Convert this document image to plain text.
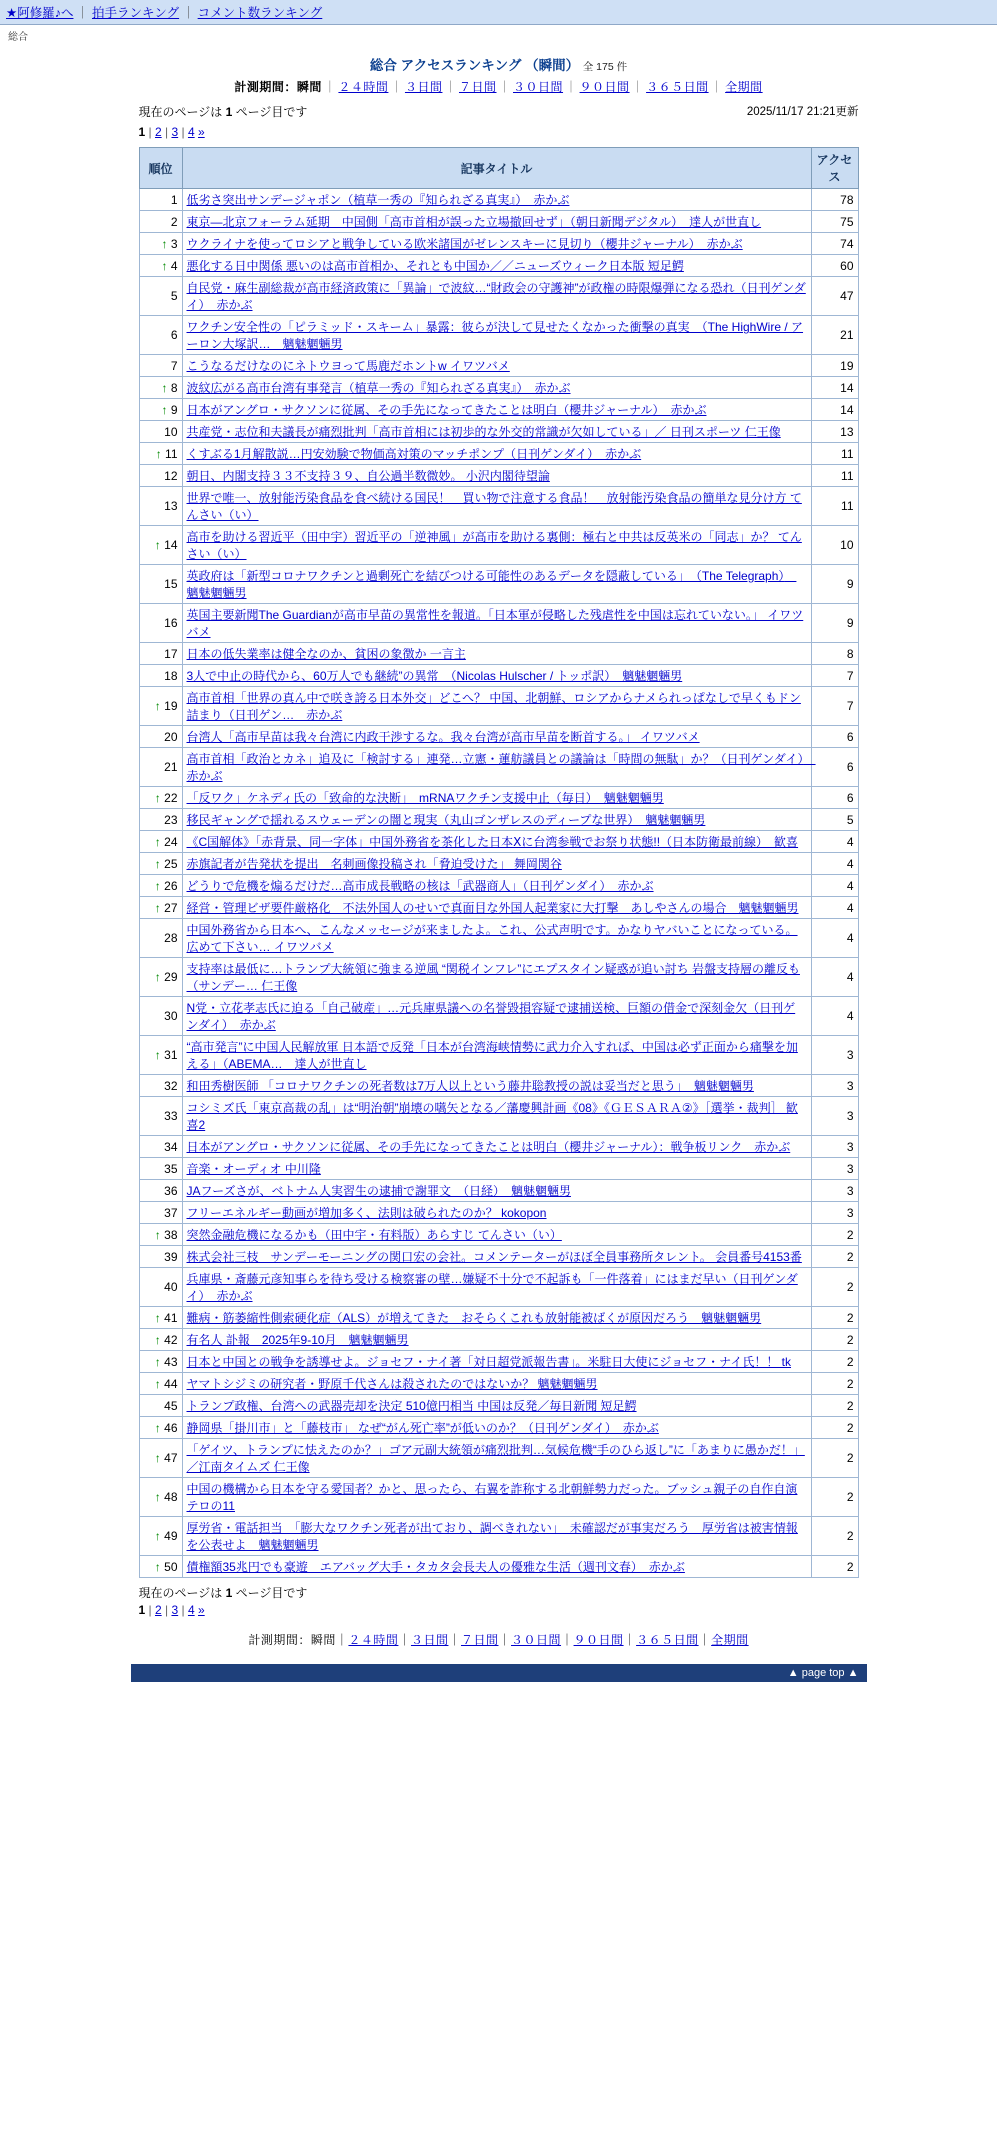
★阿修羅♪へ ｜ 拍手ランキング ｜ コメント数ランキング
総合
総合 アクセスランキング （瞬間） 全 175 件
計測期間：瞬間 ｜ ２４時間 ｜ ３日間 ｜ ７日間 ｜ ３０日間 ｜ ９０日間 ｜ ３６５日間 ｜ 全期間
現在のページは 1 ページ目です
1 | 2 | 3 | 4 »
2025/11/17 21:21更新
順位	記事タイトル	アクセス
1	低劣さ突出サンデージャポン（植草一秀の『知られざる真実』）　赤かぶ	78
2	東京―北京フォーラム延期　中国側「高市首相が誤った立場撤回せず」（朝日新聞デジタル）　達人が世直し	75
↑ 3	ウクライナを使ってロシアと戦争している欧米諸国がゼレンスキーに見切り（櫻井ジャーナル）　赤かぶ	74
↑ 4	悪化する日中関係 悪いのは高市首相か、それとも中国か／／ニューズウィーク日本版 短足鰐	60
5	自民党・麻生副総裁が高市経済政策に「異論」で波紋…“財政会の守護神”が政権の時限爆弾になる恐れ（日刊ゲンダイ）　赤かぶ	47
6	ワクチン安全性の「ピラミッド・スキーム」暴露：彼らが決して見せたくなかった衝撃の真実　（The HighWire / アーロン大塚訳…　魑魅魍魎男	21
7	こうなるだけなのにネトウヨって馬鹿だホントw イワツバメ	19
↑ 8	波紋広がる高市台湾有事発言（植草一秀の『知られざる真実』）　赤かぶ	14
↑ 9	日本がアングロ・サクソンに従属、その手先になってきたことは明白（櫻井ジャーナル）　赤かぶ	14
10	共産党・志位和夫議長が痛烈批判「高市首相には初歩的な外交的常識が欠如している」／ 日刊スポーツ 仁王像	13
↑ 11	くすぶる1月解散説…円安効験で物価高対策のマッチポンプ（日刊ゲンダイ）　赤かぶ	11
12	朝日、内閣支持３３不支持３９、自公過半数微妙。 小沢内閣待望論	11
13	世界で唯一、放射能汚染食品を食べ続ける国民！　買い物で注意する食品！　放射能汚染食品の簡単な見分け方 てんさい（い）	11
↑ 14	高市を助ける習近平（田中宇）習近平の「逆神風」が高市を助ける裏側：極右と中共は反英米の「同志」か？ てんさい（い）	10
15	英政府は「新型コロナワクチンと過剰死亡を結びつける可能性のあるデータを隠蔽している」　（The Telegraph）　魑魅魍魎男	9
16	英国主要新聞The Guardianが高市早苗の異常性を報道。「日本軍が侵略した残虐性を中国は忘れていない。」 イワツバメ	9
17	日本の低失業率は健全なのか、貧困の象徴か 一言主	8
18	3人で中止の時代から、60万人でも継続”の異常　（Nicolas Hulscher / トッポ訳）　魑魅魍魎男	7
↑ 19	高市首相「世界の真ん中で咲き誇る日本外交」どこへ？ 中国、北朝鮮、ロシアからナメられっぱなしで早くもドン詰まり（日刊ゲン…　赤かぶ	7
20	台湾人「高市早苗は我々台湾に内政干渉するな。我々台湾が高市早苗を断首する。」 イワツバメ	6
21	高市首相「政治とカネ」追及に「検討する」連発…立憲・蓮舫議員との議論は「時間の無駄」か？（日刊ゲンダイ）　赤かぶ	6
↑ 22	「反ワク」ケネディ氏の「致命的な決断」　mRNAワクチン支援中止（毎日）　魑魅魍魎男	6
23	移民ギャングで揺れるスウェーデンの闇と現実（丸山ゴンザレスのディープな世界）　魑魅魍魎男	5
↑ 24	《C国解体》「赤背景、同一字体」中国外務省を茶化した日本Ⅹに台湾参戦でお祭り状態!!（日本防衛最前線）　歓喜	4
↑ 25	赤旗記者が告発状を提出　名刺画像投稿され「脅迫受けた」 舞岡関谷	4
↑ 26	どうりで危機を煽るだけだ…高市成長戦略の核は「武器商人」（日刊ゲンダイ）　赤かぶ	4
↑ 27	経営・管理ビザ要件厳格化　不法外国人のせいで真面目な外国人起業家に大打撃　あしやさんの場合　魑魅魍魎男	4
28	中国外務省から日本へ、こんなメッセージが来ましたよ。これ、公式声明です。かなりヤバいことになっている。広めて下さい… イワツバメ	4
↑ 29	支持率は最低に…トランプ大統領に強まる逆風 “関税インフレ”にエプスタイン疑惑が追い討ち 岩盤支持層の離反も（サンデー… 仁王像	4
30	N党・立花孝志氏に迫る「自己破産」…元兵庫県議への名誉毀損容疑で逮捕送検、巨額の借金で深刻金欠（日刊ゲンダイ）　赤かぶ	4
↑ 31	“高市発言”に中国人民解放軍 日本語で反発「日本が台湾海峡情勢に武力介入すれば、中国は必ず正面から痛撃を加える」（ABEMA…　達人が世直し	3
32	和田秀樹医師 「コロナワクチンの死者数は7万人以上という藤井聡教授の説は妥当だと思う」　魑魅魍魎男	3
33	コシミズ氏「東京高裁の乱」は“明治朝”崩壊の嚆矢となる／藩慶興計画《08》《ＧＥＳＡＲＡ②》［選挙・裁判］ 歓喜2	3
34	日本がアングロ・サクソンに従属、その手先になってきたことは明白（櫻井ジャーナル）：戦争板リンク　赤かぶ	3
35	音楽・オーディオ 中川隆	3
36	JAフーズさが、ベトナム人実習生の逮捕で謝罪文　（日経）　魑魅魍魎男	3
37	フリーエネルギー動画が増加多く、法則は破られたのか？ kokopon	3
↑ 38	突然金融危機になるかも（田中宇・有料版）あらすじ てんさい（い）	2
39	株式会社三枝　サンデーモーニングの関口宏の会社。コメンテーターがほぼ全員事務所タレント。 会員番号4153番	2
40	兵庫県・斎藤元彦知事らを待ち受ける検察審の壁…嫌疑不十分で不起訴も「一件落着」にはまだ早い（日刊ゲンダイ）　赤かぶ	2
↑ 41	難病・筋萎縮性側索硬化症（ALS）が増えてきた　おそらくこれも放射能被ばくが原因だろう　魑魅魍魎男	2
↑ 42	有名人 訃報　2025年9-10月　魑魅魍魎男	2
↑ 43	日本と中国との戦争を誘導せよ。ジョセフ・ナイ著「対日超党派報告書」。米駐日大使にジョセフ・ナイ氏！！ tk	2
↑ 44	ヤマトシジミの研究者・野原千代さんは殺されたのではないか？ 魑魅魍魎男	2
45	トランプ政権、台湾への武器売却を決定 510億円相当 中国は反発／毎日新聞 短足鰐	2
↑ 46	静岡県「掛川市」と「藤枝市」 なぜ“がん死亡率”が低いのか？（日刊ゲンダイ）　赤かぶ	2
↑ 47	「ゲイツ、トランプに怯えたのか？」ゴア元副大統領が痛烈批判…気候危機“手のひら返し”に「あまりに愚かだ！」／江南タイムズ 仁王像	2
↑ 48	中国の機構から日本を守る愛国者？かと、思ったら、右翼を詐称する北朝鮮勢力だった。ブッシュ親子の自作自演テロの11	2
↑ 49	厚労省・電話担当　「膨大なワクチン死者が出ており、調べきれない」　未確認だが事実だろう　厚労省は被害情報を公表せよ　魑魅魍魎男	2
↑ 50	債権額35兆円でも豪遊　エアバッグ大手・タカタ会長夫人の優雅な生活（週刊文春）　赤かぶ	2
現在のページは 1 ページ目です
1 | 2 | 3 | 4 »
計測期間：瞬間｜２４時間｜３日間｜７日間｜３０日間｜９０日間｜３６５日間｜全期間
▲ page top ▲
